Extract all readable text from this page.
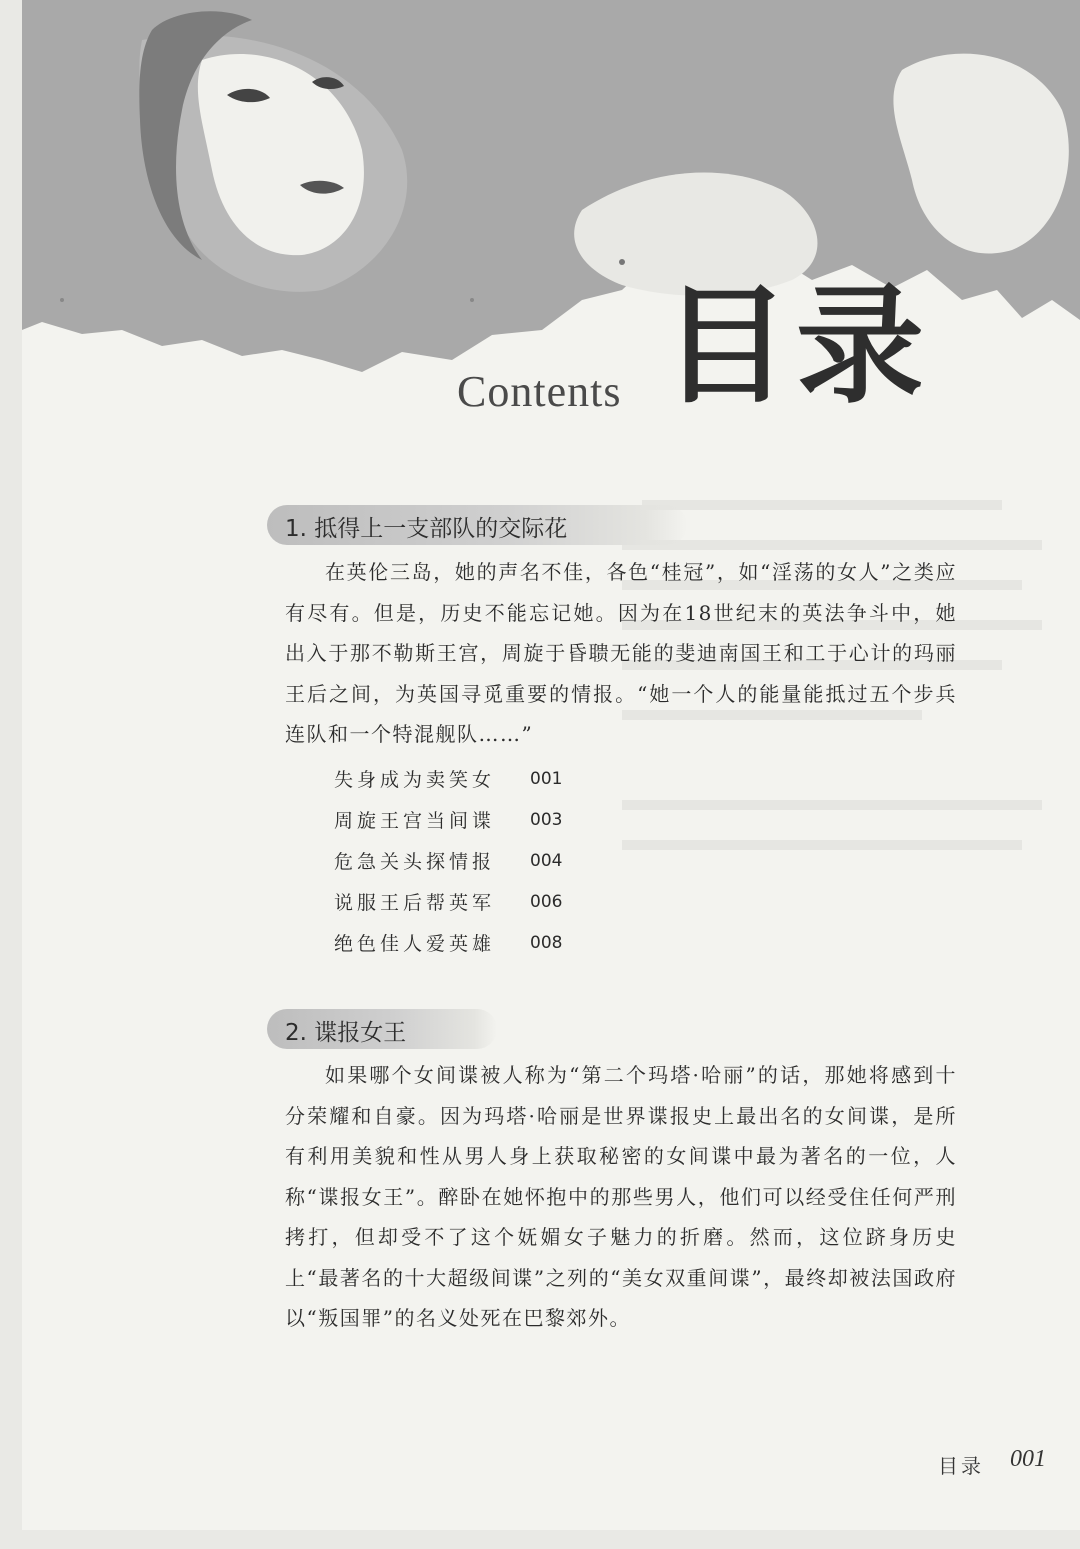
Contents 目录
1. 抵得上一支部队的交际花
在英伦三岛，她的声名不佳，各色“桂冠”，如“淫荡的女人”之类应有尽有。但是，历史不能忘记她。因为在18世纪末的英法争斗中，她出入于那不勒斯王宫，周旋于昏聩无能的斐迪南国王和工于心计的玛丽王后之间，为英国寻觅重要的情报。“她一个人的能量能抵过五个步兵连队和一个特混舰队……”
失身成为卖笑女	001
周旋王宫当间谍	003
危急关头探情报	004
说服王后帮英军	006
绝色佳人爱英雄	008
2. 谍报女王
如果哪个女间谍被人称为“第二个玛塔·哈丽”的话，那她将感到十分荣耀和自豪。因为玛塔·哈丽是世界谍报史上最出名的女间谍，是所有利用美貌和性从男人身上获取秘密的女间谍中最为著名的一位，人称“谍报女王”。醉卧在她怀抱中的那些男人，他们可以经受住任何严刑拷打，但却受不了这个妩媚女子魅力的折磨。然而，这位跻身历史上“最著名的十大超级间谍”之列的“美女双重间谍”，最终却被法国政府以“叛国罪”的名义处死在巴黎郊外。
目录 001
